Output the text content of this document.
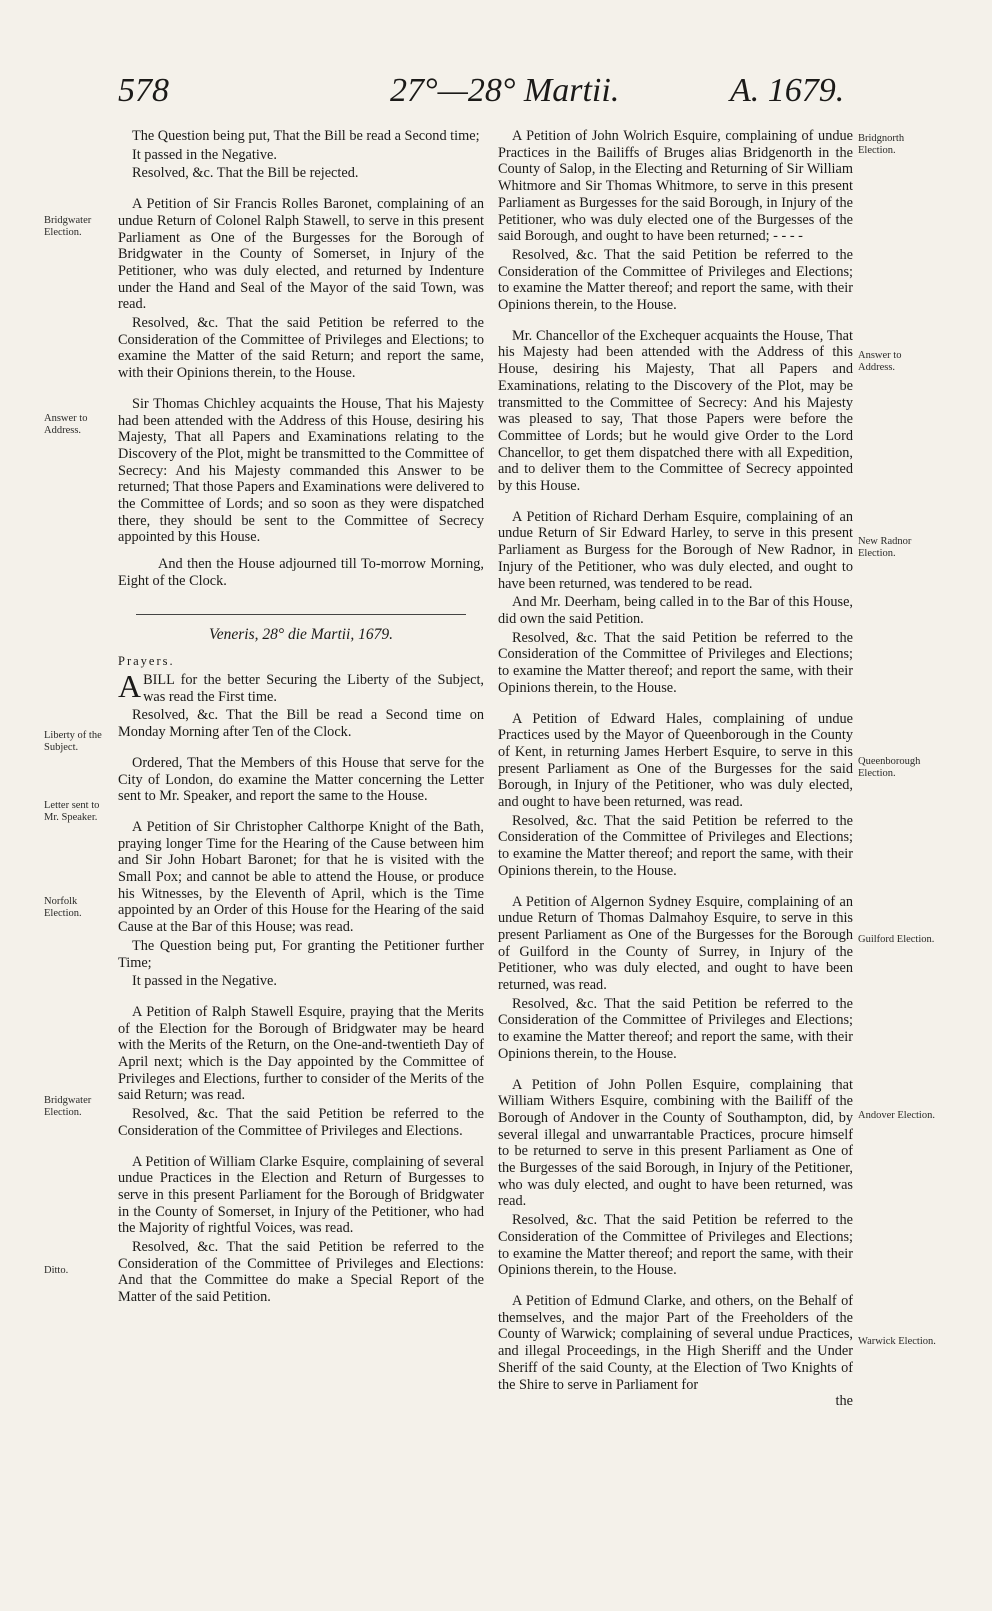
578	27°—28° Martii.	A. 1679.
Bridgwater Election.
Answer to Address.
Liberty of the Subject.
Letter sent to Mr. Speaker.
Norfolk Election.
Bridgwater Election.
Ditto.
Bridgnorth Election.
Answer to Address.
New Radnor Election.
Queenborough Election.
Guilford Election.
Andover Election.
Warwick Election.

The Question being put, That the Bill be read a Second time;

It passed in the Negative.

Resolved, &c. That the Bill be rejected.

A Petition of Sir Francis Rolles Baronet, complaining of an undue Return of Colonel Ralph Stawell, to serve in this present Parliament as One of the Burgesses for the Borough of Bridgwater in the County of Somerset, in Injury of the Petitioner, who was duly elected, and returned by Indenture under the Hand and Seal of the Mayor of the said Town, was read.

Resolved, &c. That the said Petition be referred to the Consideration of the Committee of Privileges and Elections; to examine the Matter of the said Return; and report the same, with their Opinions therein, to the House.

Sir Thomas Chichley acquaints the House, That his Majesty had been attended with the Address of this House, desiring his Majesty, That all Papers and Examinations relating to the Discovery of the Plot, might be transmitted to the Committee of Secrecy: And his Majesty commanded this Answer to be returned; That those Papers and Examinations were delivered to the Committee of Lords; and so soon as they were dispatched there, they should be sent to the Committee of Secrecy appointed by this House.

And then the House adjourned till To-morrow Morning, Eight of the Clock.

Veneris, 28° die Martii, 1679.

Prayers.

ABILL for the better Securing the Liberty of the Subject, was read the First time.

Resolved, &c. That the Bill be read a Second time on Monday Morning after Ten of the Clock.

Ordered, That the Members of this House that serve for the City of London, do examine the Matter concerning the Letter sent to Mr. Speaker, and report the same to the House.

A Petition of Sir Christopher Calthorpe Knight of the Bath, praying longer Time for the Hearing of the Cause between him and Sir John Hobart Baronet; for that he is visited with the Small Pox; and cannot be able to attend the House, or produce his Witnesses, by the Eleventh of April, which is the Time appointed by an Order of this House for the Hearing of the said Cause at the Bar of this House; was read.

The Question being put, For granting the Petitioner further Time;

It passed in the Negative.

A Petition of Ralph Stawell Esquire, praying that the Merits of the Election for the Borough of Bridgwater may be heard with the Merits of the Return, on the One-and-twentieth Day of April next; which is the Day appointed by the Committee of Privileges and Elections, further to consider of the Merits of the said Return; was read.

Resolved, &c. That the said Petition be referred to the Consideration of the Committee of Privileges and Elections.

A Petition of William Clarke Esquire, complaining of several undue Practices in the Election and Return of Burgesses to serve in this present Parliament for the Borough of Bridgwater in the County of Somerset, in Injury of the Petitioner, who had the Majority of rightful Voices, was read.

Resolved, &c. That the said Petition be referred to the Consideration of the Committee of Privileges and Elections: And that the Committee do make a Special Report of the Matter of the said Petition.

A Petition of John Wolrich Esquire, complaining of undue Practices in the Bailiffs of Bruges alias Bridgenorth in the County of Salop, in the Electing and Returning of Sir William Whitmore and Sir Thomas Whitmore, to serve in this present Parliament as Burgesses for the said Borough, in Injury of the Petitioner, who was duly elected one of the Burgesses of the said Borough, and ought to have been returned; - - - -

Resolved, &c. That the said Petition be referred to the Consideration of the Committee of Privileges and Elections; to examine the Matter thereof; and report the same, with their Opinions therein, to the House.

Mr. Chancellor of the Exchequer acquaints the House, That his Majesty had been attended with the Address of this House, desiring his Majesty, That all Papers and Examinations, relating to the Discovery of the Plot, may be transmitted to the Committee of Secrecy: And his Majesty was pleased to say, That those Papers were before the Committee of Lords; but he would give Order to the Lord Chancellor, to get them dispatched there with all Expedition, and to deliver them to the Committee of Secrecy appointed by this House.

A Petition of Richard Derham Esquire, complaining of an undue Return of Sir Edward Harley, to serve in this present Parliament as Burgess for the Borough of New Radnor, in Injury of the Petitioner, who was duly elected, and ought to have been returned, was tendered to be read.

And Mr. Deerham, being called in to the Bar of this House, did own the said Petition.

Resolved, &c. That the said Petition be referred to the Consideration of the Committee of Privileges and Elections; to examine the Matter thereof; and report the same, with their Opinions therein, to the House.

A Petition of Edward Hales, complaining of undue Practices used by the Mayor of Queenborough in the County of Kent, in returning James Herbert Esquire, to serve in this present Parliament as One of the Burgesses for the said Borough, in Injury of the Petitioner, who was duly elected, and ought to have been returned, was read.

Resolved, &c. That the said Petition be referred to the Consideration of the Committee of Privileges and Elections; to examine the Matter thereof; and report the same, with their Opinions therein, to the House.

A Petition of Algernon Sydney Esquire, complaining of an undue Return of Thomas Dalmahoy Esquire, to serve in this present Parliament as One of the Burgesses for the Borough of Guilford in the County of Surrey, in Injury of the Petitioner, who was duly elected, and ought to have been returned, was read.

Resolved, &c. That the said Petition be referred to the Consideration of the Committee of Privileges and Elections; to examine the Matter thereof; and report the same, with their Opinions therein, to the House.

A Petition of John Pollen Esquire, complaining that William Withers Esquire, combining with the Bailiff of the Borough of Andover in the County of Southampton, did, by several illegal and unwarrantable Practices, procure himself to be returned to serve in this present Parliament as One of the Burgesses of the said Borough, in Injury of the Petitioner, who was duly elected, and ought to have been returned, was read.

Resolved, &c. That the said Petition be referred to the Consideration of the Committee of Privileges and Elections; to examine the Matter thereof; and report the same, with their Opinions therein, to the House.

A Petition of Edmund Clarke, and others, on the Behalf of themselves, and the major Part of the Freeholders of the County of Warwick; complaining of several undue Practices, and illegal Proceedings, in the High Sheriff and the Under Sheriff of the said County, at the Election of Two Knights of the Shire to serve in Parliament for

the
